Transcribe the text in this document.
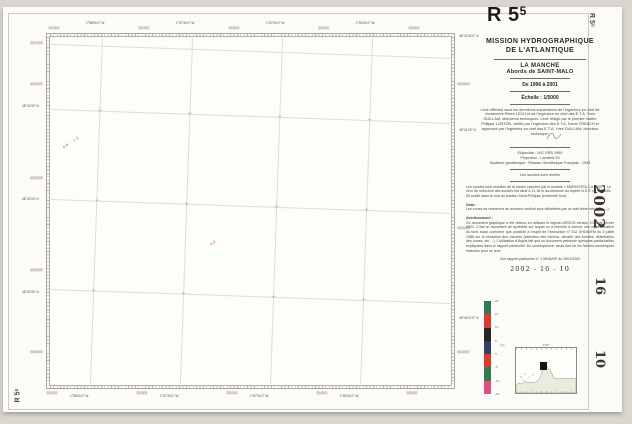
+	+	+	+
+	+	+	+
+	+	+	+
0,8
1,2
0,9
1°58'00,0" W	1°57'30,0" W	1°57'00,0" W	1°56'30,0" W
353000	353500	354000	354500	355000
48°41'30" N
48°41'00" N
48°40'30" N
6847000
6846500
6846000
6845500
6845000
48°41'52,5" N
48°41'15" N
48°40'07,5" N
6846500
6845500
6845000
353000
1°58'00,0" W
353500
1°57'30,0" W
354000
1°57'00,0" W
354500
1°56'30,0" W
355000
R $5^5$
MISSION HYDROGRAPHIQUE
DE L'ATLANTIQUE
LA MANCHE
Abords de SAINT-MALO
De 1996 à 2001
Échelle : 1/5000
Levé effectué sous les directions successives de l'Ingénieur en chef de l'armement Pierre LECH et de l'Ingénieur en chef des E.T.A. Yves GUILLAM, directeurs techniques. Levé rédigé par le premier maître Philippe LURTON, vérifié par l'Ingénieur des E.T.A. Denis CREACH et approuvé par l'Ingénieur en chef des E.T.A. Yves GUILLAM, directeur technique.
Ellipsoïde : IAG GRS 1980
Projection : Lambert 93
Système géodésique : Réseau Géodésique Français - 1993
Les sondes sont réelles
Les sondes sont réduites de la marée calculée par le modèle « MARGOSTA 2 e-2000 ». Le zéro de réduction des sondes est situé à 11,16 m au-dessous du repère N.G.F. n° N.O.635-45 scellé dans le mur du bastion Saint-Philippe (extrémité Sud).
Nota :
Les zones de recherche au sondeur vertical sont délimitées par un trait tireté noir (— · —).
Avertissement :
Ce document graphique a été obtenu en utilisant le logiciel ARGOS version 3.0.1 de février 2001. C'est un document de synthèse sur lequel on a cherché à donner une représentation du fond aussi conforme que possible à l'esprit de l'instruction n° 512 SHOM/EM du 3 juillet 1986 sur la rédaction des minutes (sélection des minima, densité des sondes, délimitation des zones, etc ...). L'utilisation d'Argos fait que ce document présente quelques particularités expliquées dans le rapport particulier. En conséquence, seuls font foi les fichiers numériques élaborés pour ce levé.
Voir rapport particulier n° 1 MHA/NP du 2001/2002
2002 - 16 - 10
20
15
10
5
0
-5
-10
-15
(m)	2°00'
R 5⁵
2002
16
10
R 5⁵
